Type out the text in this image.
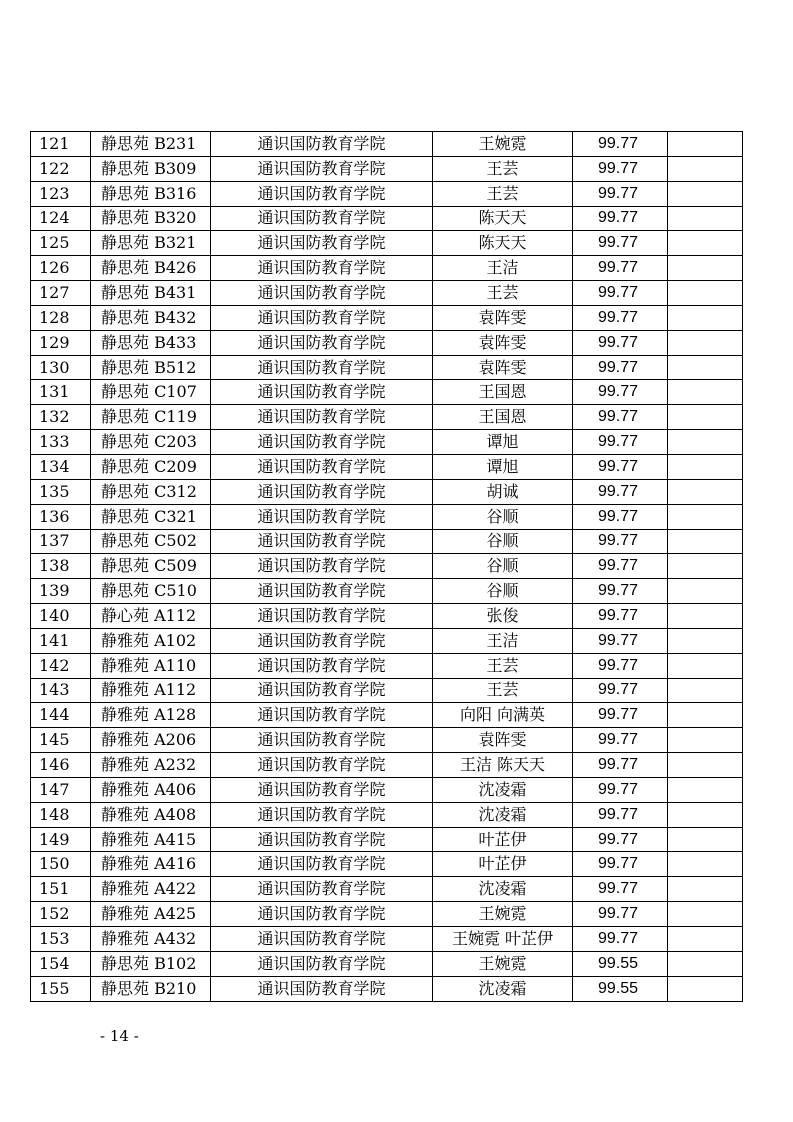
121	静思苑 B231	通识国防教育学院	王婉霓	99.77	
122	静思苑 B309	通识国防教育学院	王芸	99.77	
123	静思苑 B316	通识国防教育学院	王芸	99.77	
124	静思苑 B320	通识国防教育学院	陈天天	99.77	
125	静思苑 B321	通识国防教育学院	陈天天	99.77	
126	静思苑 B426	通识国防教育学院	王洁	99.77	
127	静思苑 B431	通识国防教育学院	王芸	99.77	
128	静思苑 B432	通识国防教育学院	袁阵雯	99.77	
129	静思苑 B433	通识国防教育学院	袁阵雯	99.77	
130	静思苑 B512	通识国防教育学院	袁阵雯	99.77	
131	静思苑 C107	通识国防教育学院	王国恩	99.77	
132	静思苑 C119	通识国防教育学院	王国恩	99.77	
133	静思苑 C203	通识国防教育学院	谭旭	99.77	
134	静思苑 C209	通识国防教育学院	谭旭	99.77	
135	静思苑 C312	通识国防教育学院	胡诚	99.77	
136	静思苑 C321	通识国防教育学院	谷顺	99.77	
137	静思苑 C502	通识国防教育学院	谷顺	99.77	
138	静思苑 C509	通识国防教育学院	谷顺	99.77	
139	静思苑 C510	通识国防教育学院	谷顺	99.77	
140	静心苑 A112	通识国防教育学院	张俊	99.77	
141	静雅苑 A102	通识国防教育学院	王洁	99.77	
142	静雅苑 A110	通识国防教育学院	王芸	99.77	
143	静雅苑 A112	通识国防教育学院	王芸	99.77	
144	静雅苑 A128	通识国防教育学院	向阳 向满英	99.77	
145	静雅苑 A206	通识国防教育学院	袁阵雯	99.77	
146	静雅苑 A232	通识国防教育学院	王洁 陈天天	99.77	
147	静雅苑 A406	通识国防教育学院	沈凌霜	99.77	
148	静雅苑 A408	通识国防教育学院	沈凌霜	99.77	
149	静雅苑 A415	通识国防教育学院	叶芷伊	99.77	
150	静雅苑 A416	通识国防教育学院	叶芷伊	99.77	
151	静雅苑 A422	通识国防教育学院	沈凌霜	99.77	
152	静雅苑 A425	通识国防教育学院	王婉霓	99.77	
153	静雅苑 A432	通识国防教育学院	王婉霓 叶芷伊	99.77	
154	静思苑 B102	通识国防教育学院	王婉霓	99.55	
155	静思苑 B210	通识国防教育学院	沈凌霜	99.55	
- 14 -
